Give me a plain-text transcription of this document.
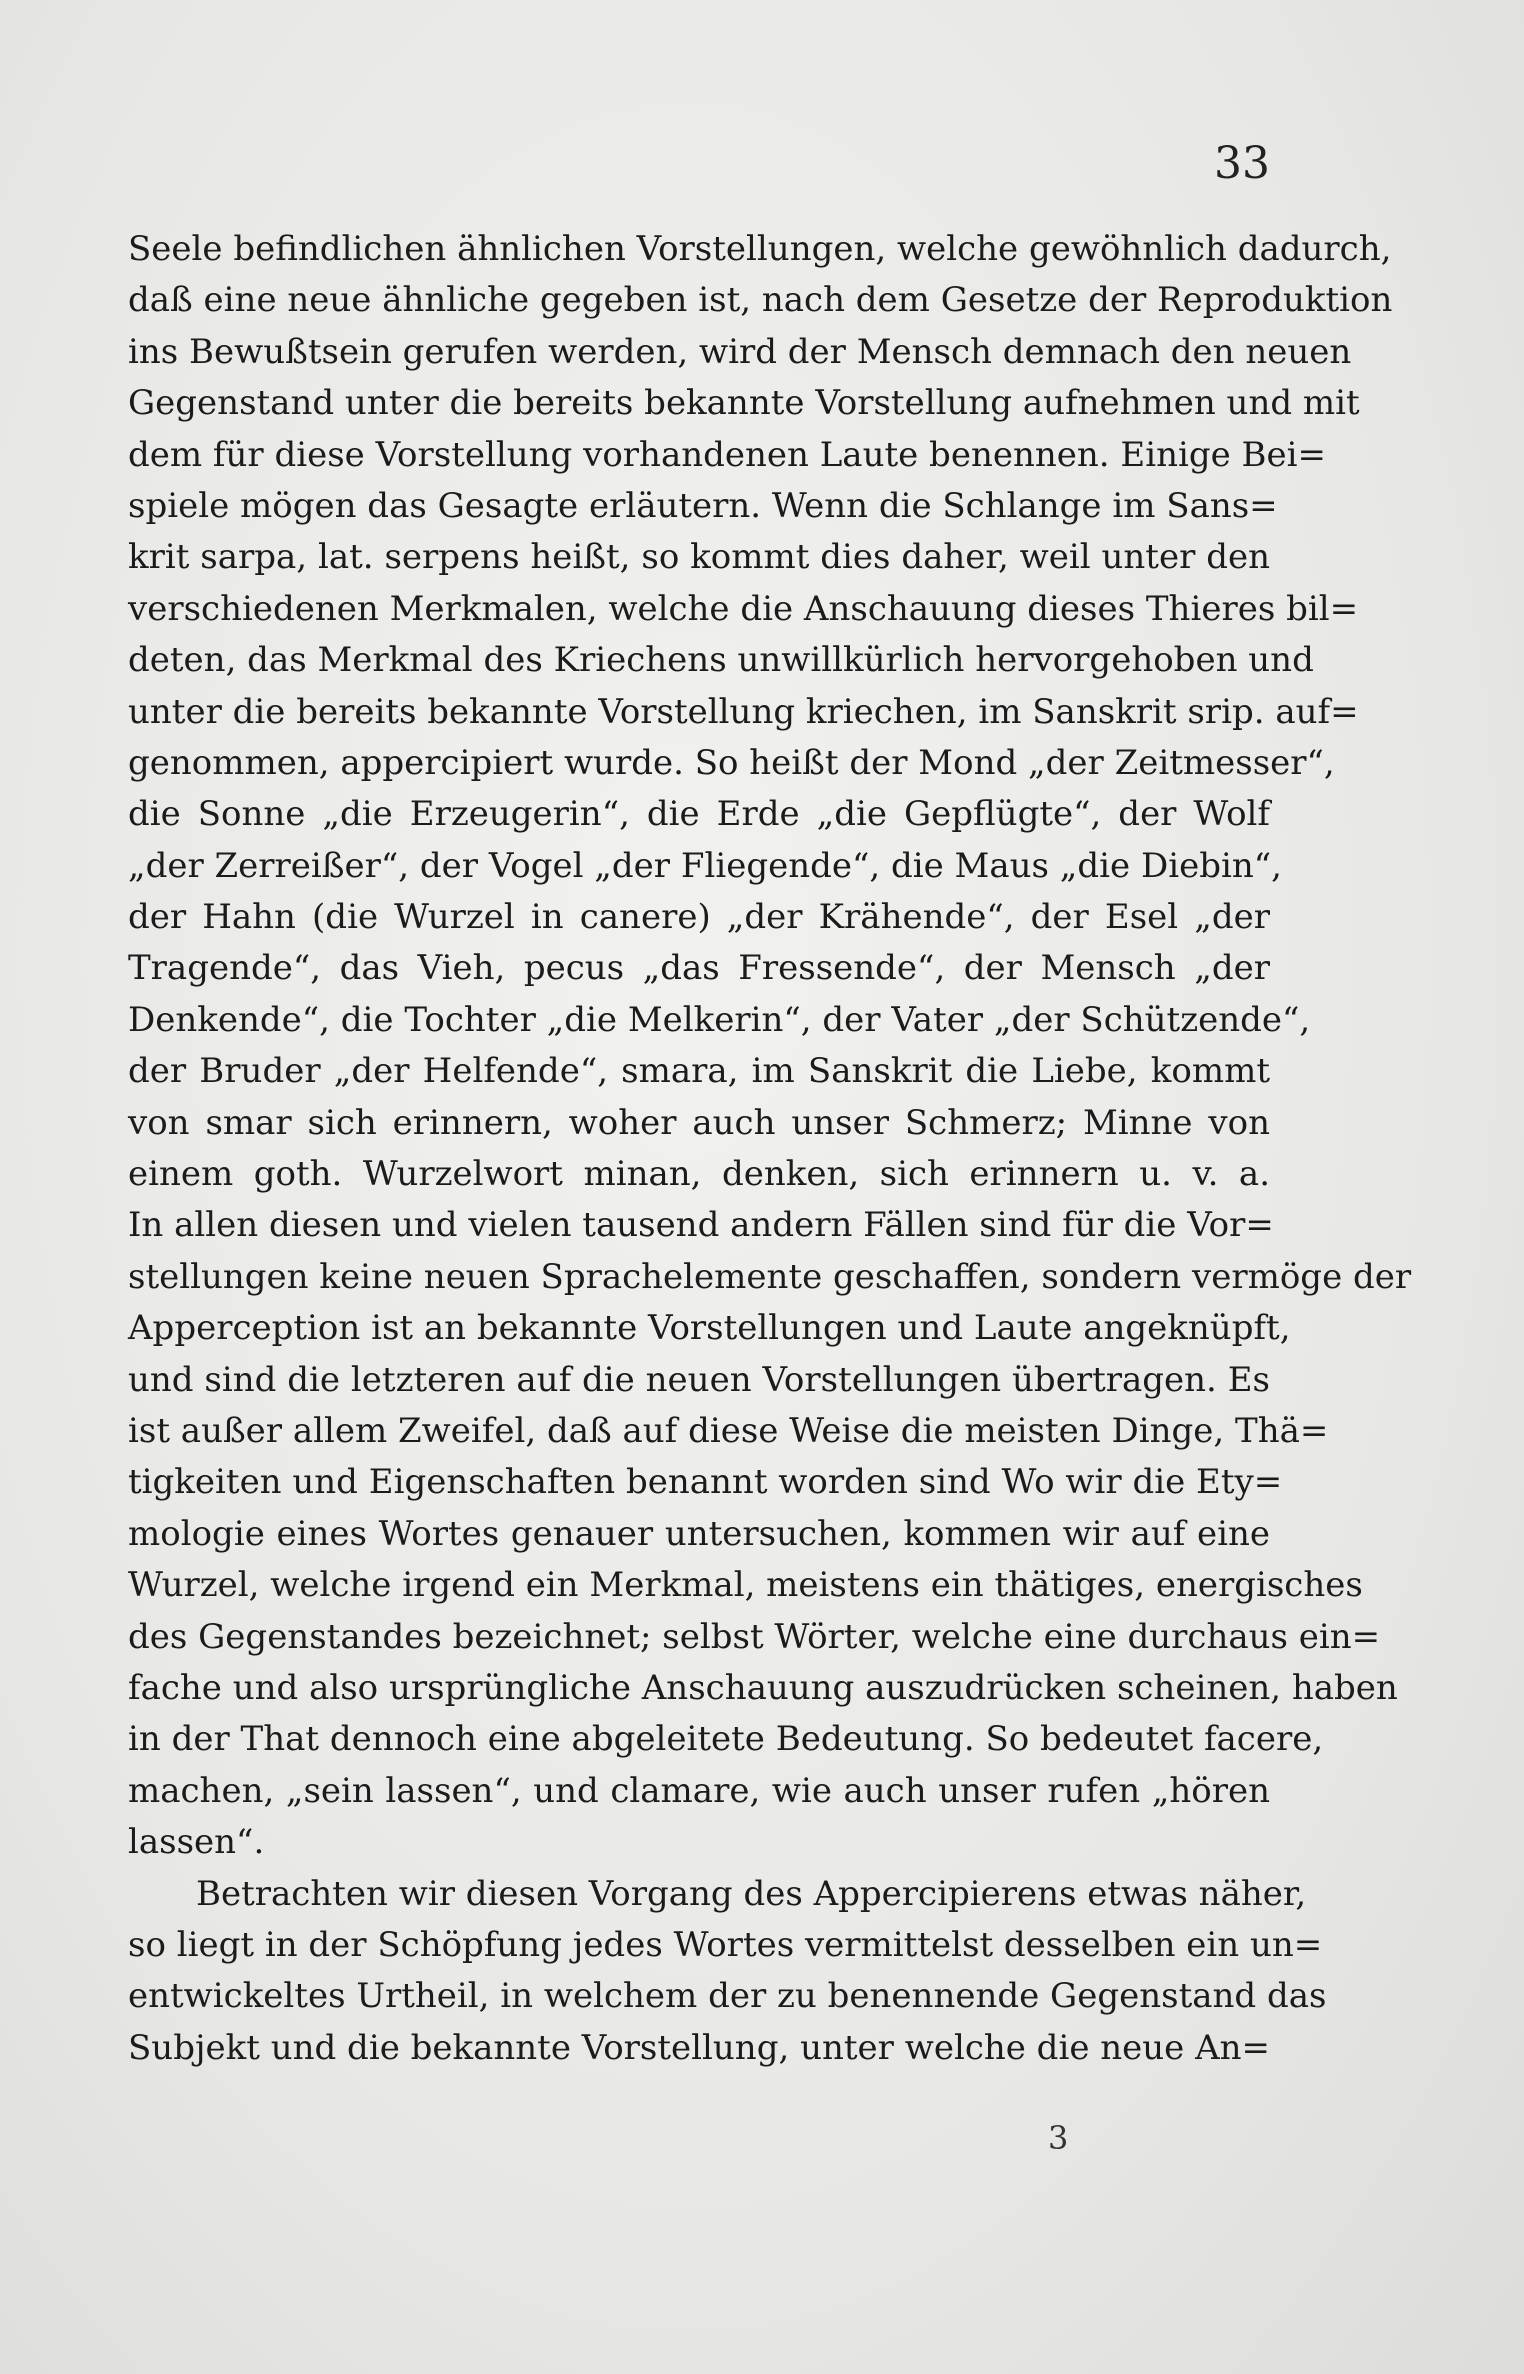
33
Seele befindlichen ähnlichen Vorstellungen, welche gewöhnlich dadurch,
daß eine neue ähnliche gegeben ist, nach dem Gesetze der Reproduktion
ins Bewußtsein gerufen werden, wird der Mensch demnach den neuen
Gegenstand unter die bereits bekannte Vorstellung aufnehmen und mit
dem für diese Vorstellung vorhandenen Laute benennen. Einige Bei=
spiele mögen das Gesagte erläutern. Wenn die Schlange im Sans=
krit sarpa, lat. serpens heißt, so kommt dies daher, weil unter den
verschiedenen Merkmalen, welche die Anschauung dieses Thieres bil=
deten, das Merkmal des Kriechens unwillkürlich hervorgehoben und
unter die bereits bekannte Vorstellung kriechen, im Sanskrit srip. auf=
genommen, appercipiert wurde. So heißt der Mond „der Zeitmesser“,
die Sonne „die Erzeugerin“, die Erde „die Gepflügte“, der Wolf
„der Zerreißer“, der Vogel „der Fliegende“, die Maus „die Diebin“,
der Hahn (die Wurzel in canere) „der Krähende“, der Esel „der
Tragende“, das Vieh, pecus „das Fressende“, der Mensch „der
Denkende“, die Tochter „die Melkerin“, der Vater „der Schützende“,
der Bruder „der Helfende“, smara, im Sanskrit die Liebe, kommt
von smar sich erinnern, woher auch unser Schmerz; Minne von
einem goth. Wurzelwort minan, denken, sich erinnern u. v. a.
In allen diesen und vielen tausend andern Fällen sind für die Vor=
stellungen keine neuen Sprachelemente geschaffen, sondern vermöge der
Apperception ist an bekannte Vorstellungen und Laute angeknüpft,
und sind die letzteren auf die neuen Vorstellungen übertragen. Es
ist außer allem Zweifel, daß auf diese Weise die meisten Dinge, Thä=
tigkeiten und Eigenschaften benannt worden sind Wo wir die Ety=
mologie eines Wortes genauer untersuchen, kommen wir auf eine
Wurzel, welche irgend ein Merkmal, meistens ein thätiges, energisches
des Gegenstandes bezeichnet; selbst Wörter, welche eine durchaus ein=
fache und also ursprüngliche Anschauung auszudrücken scheinen, haben
in der That dennoch eine abgeleitete Bedeutung. So bedeutet facere,
machen, „sein lassen“, und clamare, wie auch unser rufen „hören
lassen“.
Betrachten wir diesen Vorgang des Appercipierens etwas näher,
so liegt in der Schöpfung jedes Wortes vermittelst desselben ein un=
entwickeltes Urtheil, in welchem der zu benennende Gegenstand das
Subjekt und die bekannte Vorstellung, unter welche die neue An=
3
